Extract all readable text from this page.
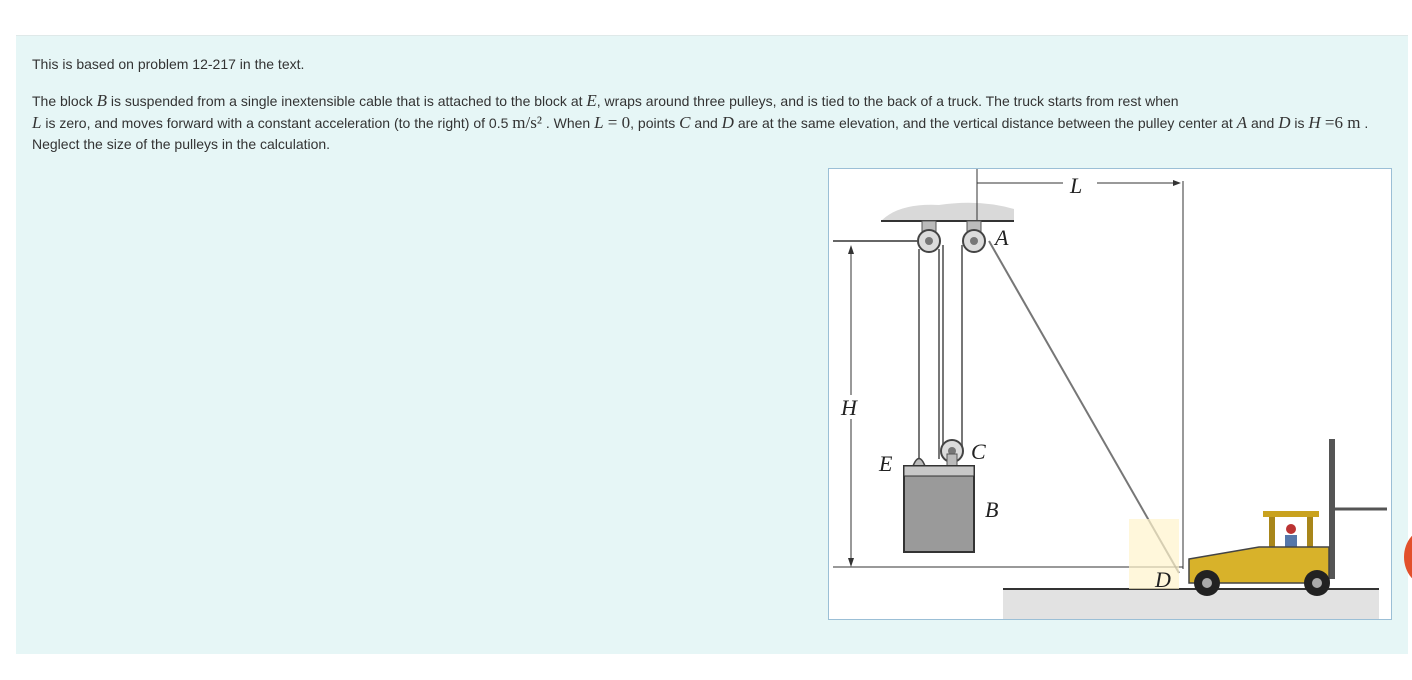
This is based on problem 12-217 in the text.

The block B is suspended from a single inextensible cable that is attached to the block at E, wraps around three pulleys, and is tied to the back of a truck. The truck starts from rest when
L is zero, and moves forward with a constant acceleration (to the right) of 0.5 m/s² . When L = 0, points C and D are at the same elevation, and the vertical distance between the pulley center at A and D is H =6 m . Neglect the size of the pulleys in the calculation.

L
H
A
C
E
B
D
